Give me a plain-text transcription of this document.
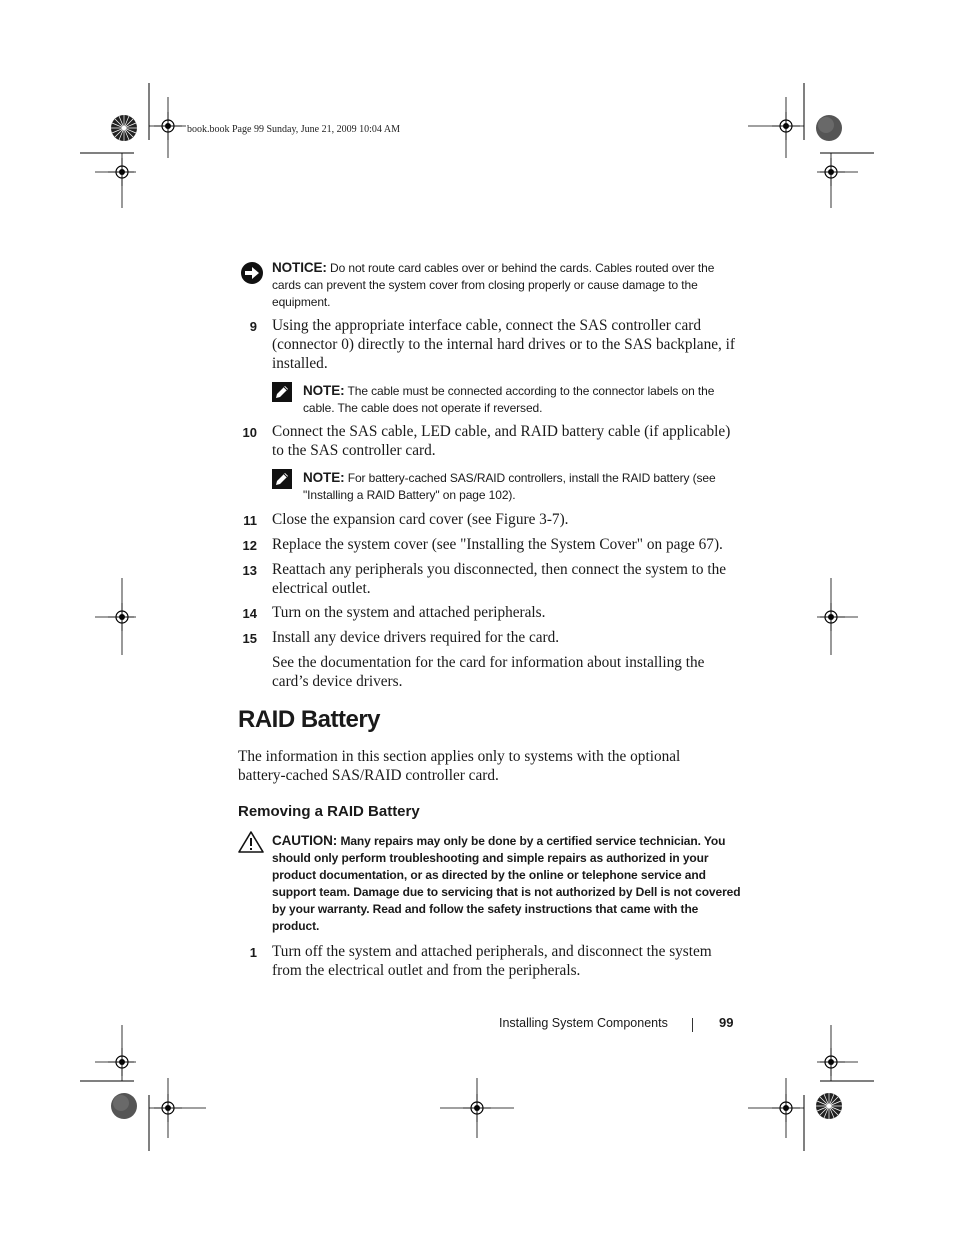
book.book Page 99 Sunday, June 21, 2009 10:04 AM
NOTICE: Do not route card cables over or behind the cards. Cables routed over the cards can prevent the system cover from closing properly or cause damage to the equipment.
9 Using the appropriate interface cable, connect the SAS controller card (connector 0) directly to the internal hard drives or to the SAS backplane, if installed.
NOTE: The cable must be connected according to the connector labels on the cable. The cable does not operate if reversed.
10 Connect the SAS cable, LED cable, and RAID battery cable (if applicable) to the SAS controller card.
NOTE: For battery-cached SAS/RAID controllers, install the RAID battery (see "Installing a RAID Battery" on page 102).
11 Close the expansion card cover (see Figure 3-7).
12 Replace the system cover (see "Installing the System Cover" on page 67).
13 Reattach any peripherals you disconnected, then connect the system to the electrical outlet.
14 Turn on the system and attached peripherals.
15 Install any device drivers required for the card.
See the documentation for the card for information about installing the card’s device drivers.
RAID Battery
The information in this section applies only to systems with the optional battery-cached SAS/RAID controller card.
Removing a RAID Battery
CAUTION: Many repairs may only be done by a certified service technician. You should only perform troubleshooting and simple repairs as authorized in your product documentation, or as directed by the online or telephone service and support team. Damage due to servicing that is not authorized by Dell is not covered by your warranty. Read and follow the safety instructions that came with the product.
1 Turn off the system and attached peripherals, and disconnect the system from the electrical outlet and from the peripherals.
Installing System Components	99
